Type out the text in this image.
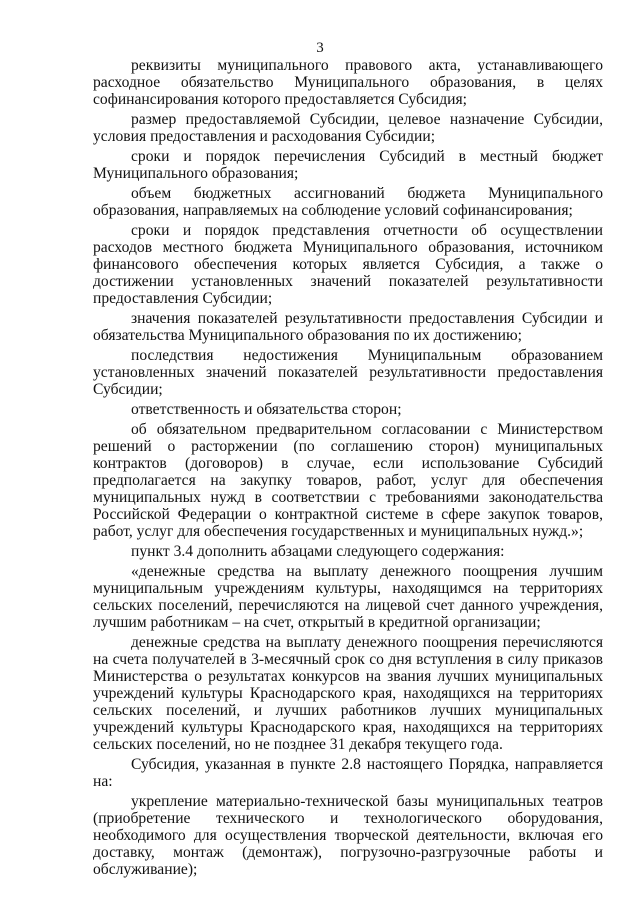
3

реквизиты муниципального правового акта, устанавливающего расходное обязательство Муниципального образования, в целях софинансирования которого предоставляется Субсидия;

размер предоставляемой Субсидии, целевое назначение Субсидии, условия предоставления и расходования Субсидии;

сроки и порядок перечисления Субсидий в местный бюджет Муниципального образования;

объем бюджетных ассигнований бюджета Муниципального образования, направляемых на соблюдение условий софинансирования;

сроки и порядок представления отчетности об осуществлении расходов местного бюджета Муниципального образования, источником финансового обеспечения которых является Субсидия, а также о достижении установленных значений показателей результативности предоставления Субсидии;

значения показателей результативности предоставления Субсидии и обязательства Муниципального образования по их достижению;

последствия недостижения Муниципальным образованием установленных значений показателей результативности предоставления Субсидии;

ответственность и обязательства сторон;

об обязательном предварительном согласовании с Министерством решений о расторжении (по соглашению сторон) муниципальных контрактов (договоров) в случае, если использование Субсидий предполагается на закупку товаров, работ, услуг для обеспечения муниципальных нужд в соответствии с требованиями законодательства Российской Федерации о контрактной системе в сфере закупок товаров, работ, услуг для обеспечения государственных и муниципальных нужд.»;

пункт 3.4 дополнить абзацами следующего содержания:

«денежные средства на выплату денежного поощрения лучшим муниципальным учреждениям культуры, находящимся на территориях сельских поселений, перечисляются на лицевой счет данного учреждения, лучшим работникам – на счет, открытый в кредитной организации;

денежные средства на выплату денежного поощрения перечисляются на счета получателей в 3-месячный срок со дня вступления в силу приказов Министерства о результатах конкурсов на звания лучших муниципальных учреждений культуры Краснодарского края, находящихся на территориях сельских поселений, и лучших работников лучших муниципальных учреждений культуры Краснодарского края, находящихся на территориях сельских поселений, но не позднее 31 декабря текущего года.

Субсидия, указанная в пункте 2.8 настоящего Порядка, направляется на:

укрепление материально-технической базы муниципальных театров (приобретение технического и технологического оборудования, необходимого для осуществления творческой деятельности, включая его доставку, монтаж (демонтаж), погрузочно-разгрузочные работы и обслуживание);
